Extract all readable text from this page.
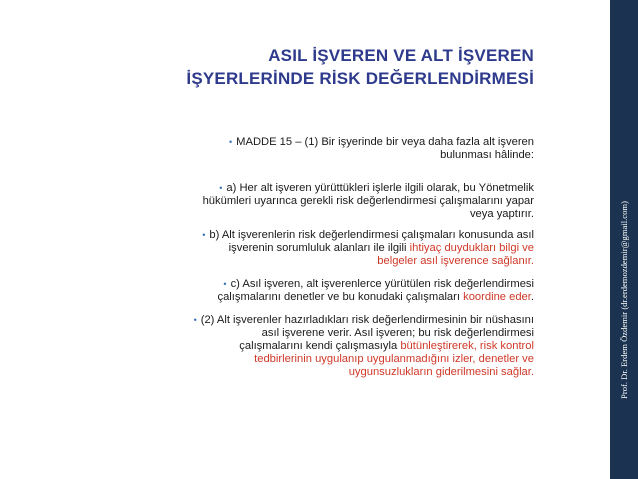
ASIL İŞVEREN VE ALT İŞVEREN
İŞYERLERİNDE RİSK DEĞERLENDİRMESİ
• MADDE 15 – (1) Bir işyerinde bir veya daha fazla alt işveren
bulunması hâlinde:
• a) Her alt işveren yürüttükleri işlerle ilgili olarak, bu Yönetmelik
hükümleri uyarınca gerekli risk değerlendirmesi çalışmalarını yapar
veya yaptırır.
• b) Alt işverenlerin risk değerlendirmesi çalışmaları konusunda asıl
işverenin sorumluluk alanları ile ilgili ihtiyaç duydukları bilgi ve
belgeler asıl işverence sağlanır.
• c) Asıl işveren, alt işverenlerce yürütülen risk değerlendirmesi
çalışmalarını denetler ve bu konudaki çalışmaları koordine eder.
• (2) Alt işverenler hazırladıkları risk değerlendirmesinin bir nüshasını
asıl işverene verir. Asıl işveren; bu risk değerlendirmesi
çalışmalarını kendi çalışmasıyla bütünleştirerek, risk kontrol
tedbirlerinin uygulanıp uygulanmadığını izler, denetler ve
uygunsuzlukların giderilmesini sağlar.	Prof. Dr. Erdem Özdemir (dr.erdemozdemir@gmail.com)
